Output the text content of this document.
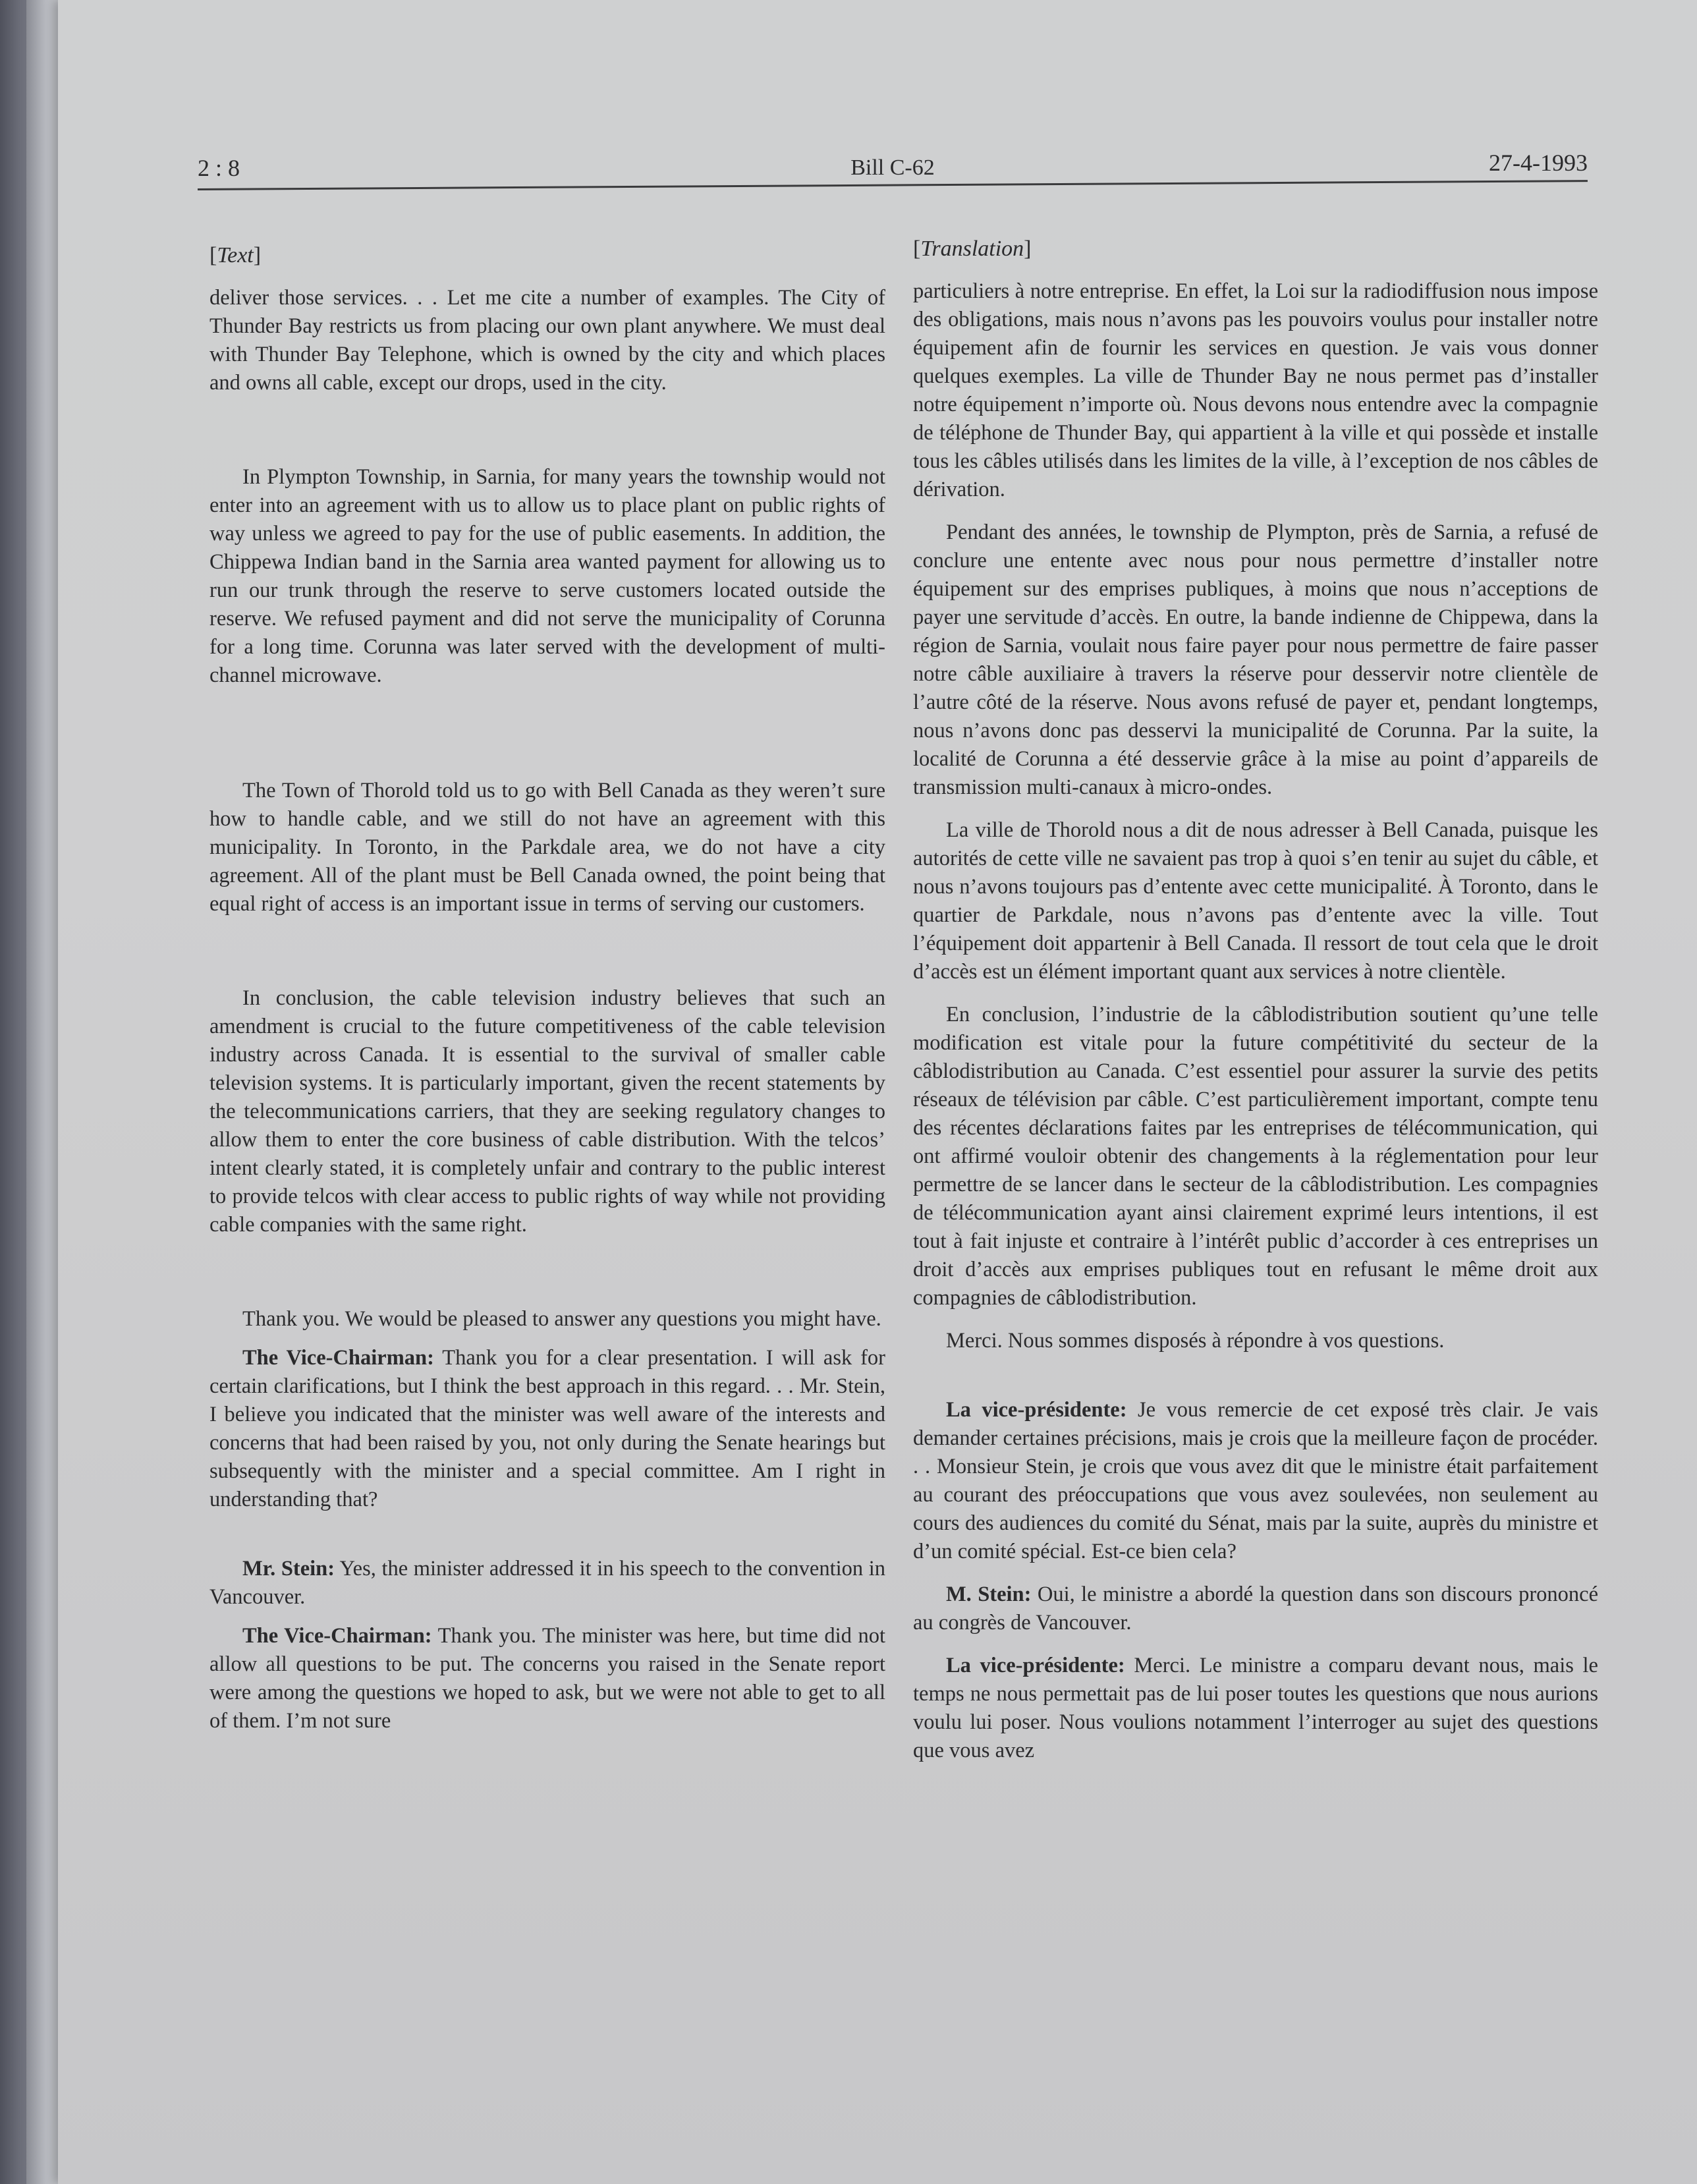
2 : 8	Bill C-62	27-4-1993
[Text]

deliver those services. . . Let me cite a number of examples. The City of Thunder Bay restricts us from placing our own plant anywhere. We must deal with Thunder Bay Telephone, which is owned by the city and which places and owns all cable, except our drops, used in the city.

In Plympton Township, in Sarnia, for many years the township would not enter into an agreement with us to allow us to place plant on public rights of way unless we agreed to pay for the use of public easements. In addition, the Chippewa Indian band in the Sarnia area wanted payment for allowing us to run our trunk through the reserve to serve customers located outside the reserve. We refused payment and did not serve the municipality of Corunna for a long time. Corunna was later served with the development of multi-channel microwave.

The Town of Thorold told us to go with Bell Canada as they weren’t sure how to handle cable, and we still do not have an agreement with this municipality. In Toronto, in the Parkdale area, we do not have a city agreement. All of the plant must be Bell Canada owned, the point being that equal right of access is an important issue in terms of serving our customers.

In conclusion, the cable television industry believes that such an amendment is crucial to the future competitiveness of the cable television industry across Canada. It is essential to the survival of smaller cable television systems. It is particularly important, given the recent statements by the telecommunications carriers, that they are seeking regulatory changes to allow them to enter the core business of cable distribution. With the telcos’ intent clearly stated, it is completely unfair and contrary to the public interest to provide telcos with clear access to public rights of way while not providing cable companies with the same right.

Thank you. We would be pleased to answer any questions you might have.

The Vice-Chairman: Thank you for a clear presentation. I will ask for certain clarifications, but I think the best approach in this regard. . . Mr. Stein, I believe you indicated that the minister was well aware of the interests and concerns that had been raised by you, not only during the Senate hearings but subsequently with the minister and a special committee. Am I right in understanding that?

Mr. Stein: Yes, the minister addressed it in his speech to the convention in Vancouver.

The Vice-Chairman: Thank you. The minister was here, but time did not allow all questions to be put. The concerns you raised in the Senate report were among the questions we hoped to ask, but we were not able to get to all of them. I’m not sure

[Translation]

particuliers à notre entreprise. En effet, la Loi sur la radiodiffusion nous impose des obligations, mais nous n’avons pas les pouvoirs voulus pour installer notre équipement afin de fournir les services en question. Je vais vous donner quelques exemples. La ville de Thunder Bay ne nous permet pas d’installer notre équipement n’importe où. Nous devons nous entendre avec la compagnie de téléphone de Thunder Bay, qui appartient à la ville et qui possède et installe tous les câbles utilisés dans les limites de la ville, à l’exception de nos câbles de dérivation.

Pendant des années, le township de Plympton, près de Sarnia, a refusé de conclure une entente avec nous pour nous permettre d’installer notre équipement sur des emprises publiques, à moins que nous n’acceptions de payer une servitude d’accès. En outre, la bande indienne de Chippewa, dans la région de Sarnia, voulait nous faire payer pour nous permettre de faire passer notre câble auxiliaire à travers la réserve pour desservir notre clientèle de l’autre côté de la réserve. Nous avons refusé de payer et, pendant longtemps, nous n’avons donc pas desservi la municipalité de Corunna. Par la suite, la localité de Corunna a été desservie grâce à la mise au point d’appareils de transmission multi-canaux à micro-ondes.

La ville de Thorold nous a dit de nous adresser à Bell Canada, puisque les autorités de cette ville ne savaient pas trop à quoi s’en tenir au sujet du câble, et nous n’avons toujours pas d’entente avec cette municipalité. À Toronto, dans le quartier de Parkdale, nous n’avons pas d’entente avec la ville. Tout l’équipement doit appartenir à Bell Canada. Il ressort de tout cela que le droit d’accès est un élément important quant aux services à notre clientèle.

En conclusion, l’industrie de la câblodistribution soutient qu’une telle modification est vitale pour la future compétitivité du secteur de la câblodistribution au Canada. C’est essentiel pour assurer la survie des petits réseaux de télévision par câble. C’est particulièrement important, compte tenu des récentes déclarations faites par les entreprises de télécommunication, qui ont affirmé vouloir obtenir des changements à la réglementation pour leur permettre de se lancer dans le secteur de la câblodistribution. Les compagnies de télécommunication ayant ainsi clairement exprimé leurs intentions, il est tout à fait injuste et contraire à l’intérêt public d’accorder à ces entreprises un droit d’accès aux emprises publiques tout en refusant le même droit aux compagnies de câblodistribution.

Merci. Nous sommes disposés à répondre à vos questions.

La vice-présidente: Je vous remercie de cet exposé très clair. Je vais demander certaines précisions, mais je crois que la meilleure façon de procéder. . . Monsieur Stein, je crois que vous avez dit que le ministre était parfaitement au courant des préoccupations que vous avez soulevées, non seulement au cours des audiences du comité du Sénat, mais par la suite, auprès du ministre et d’un comité spécial. Est-ce bien cela?

M. Stein: Oui, le ministre a abordé la question dans son discours prononcé au congrès de Vancouver.

La vice-présidente: Merci. Le ministre a comparu devant nous, mais le temps ne nous permettait pas de lui poser toutes les questions que nous aurions voulu lui poser. Nous voulions notamment l’interroger au sujet des questions que vous avez
